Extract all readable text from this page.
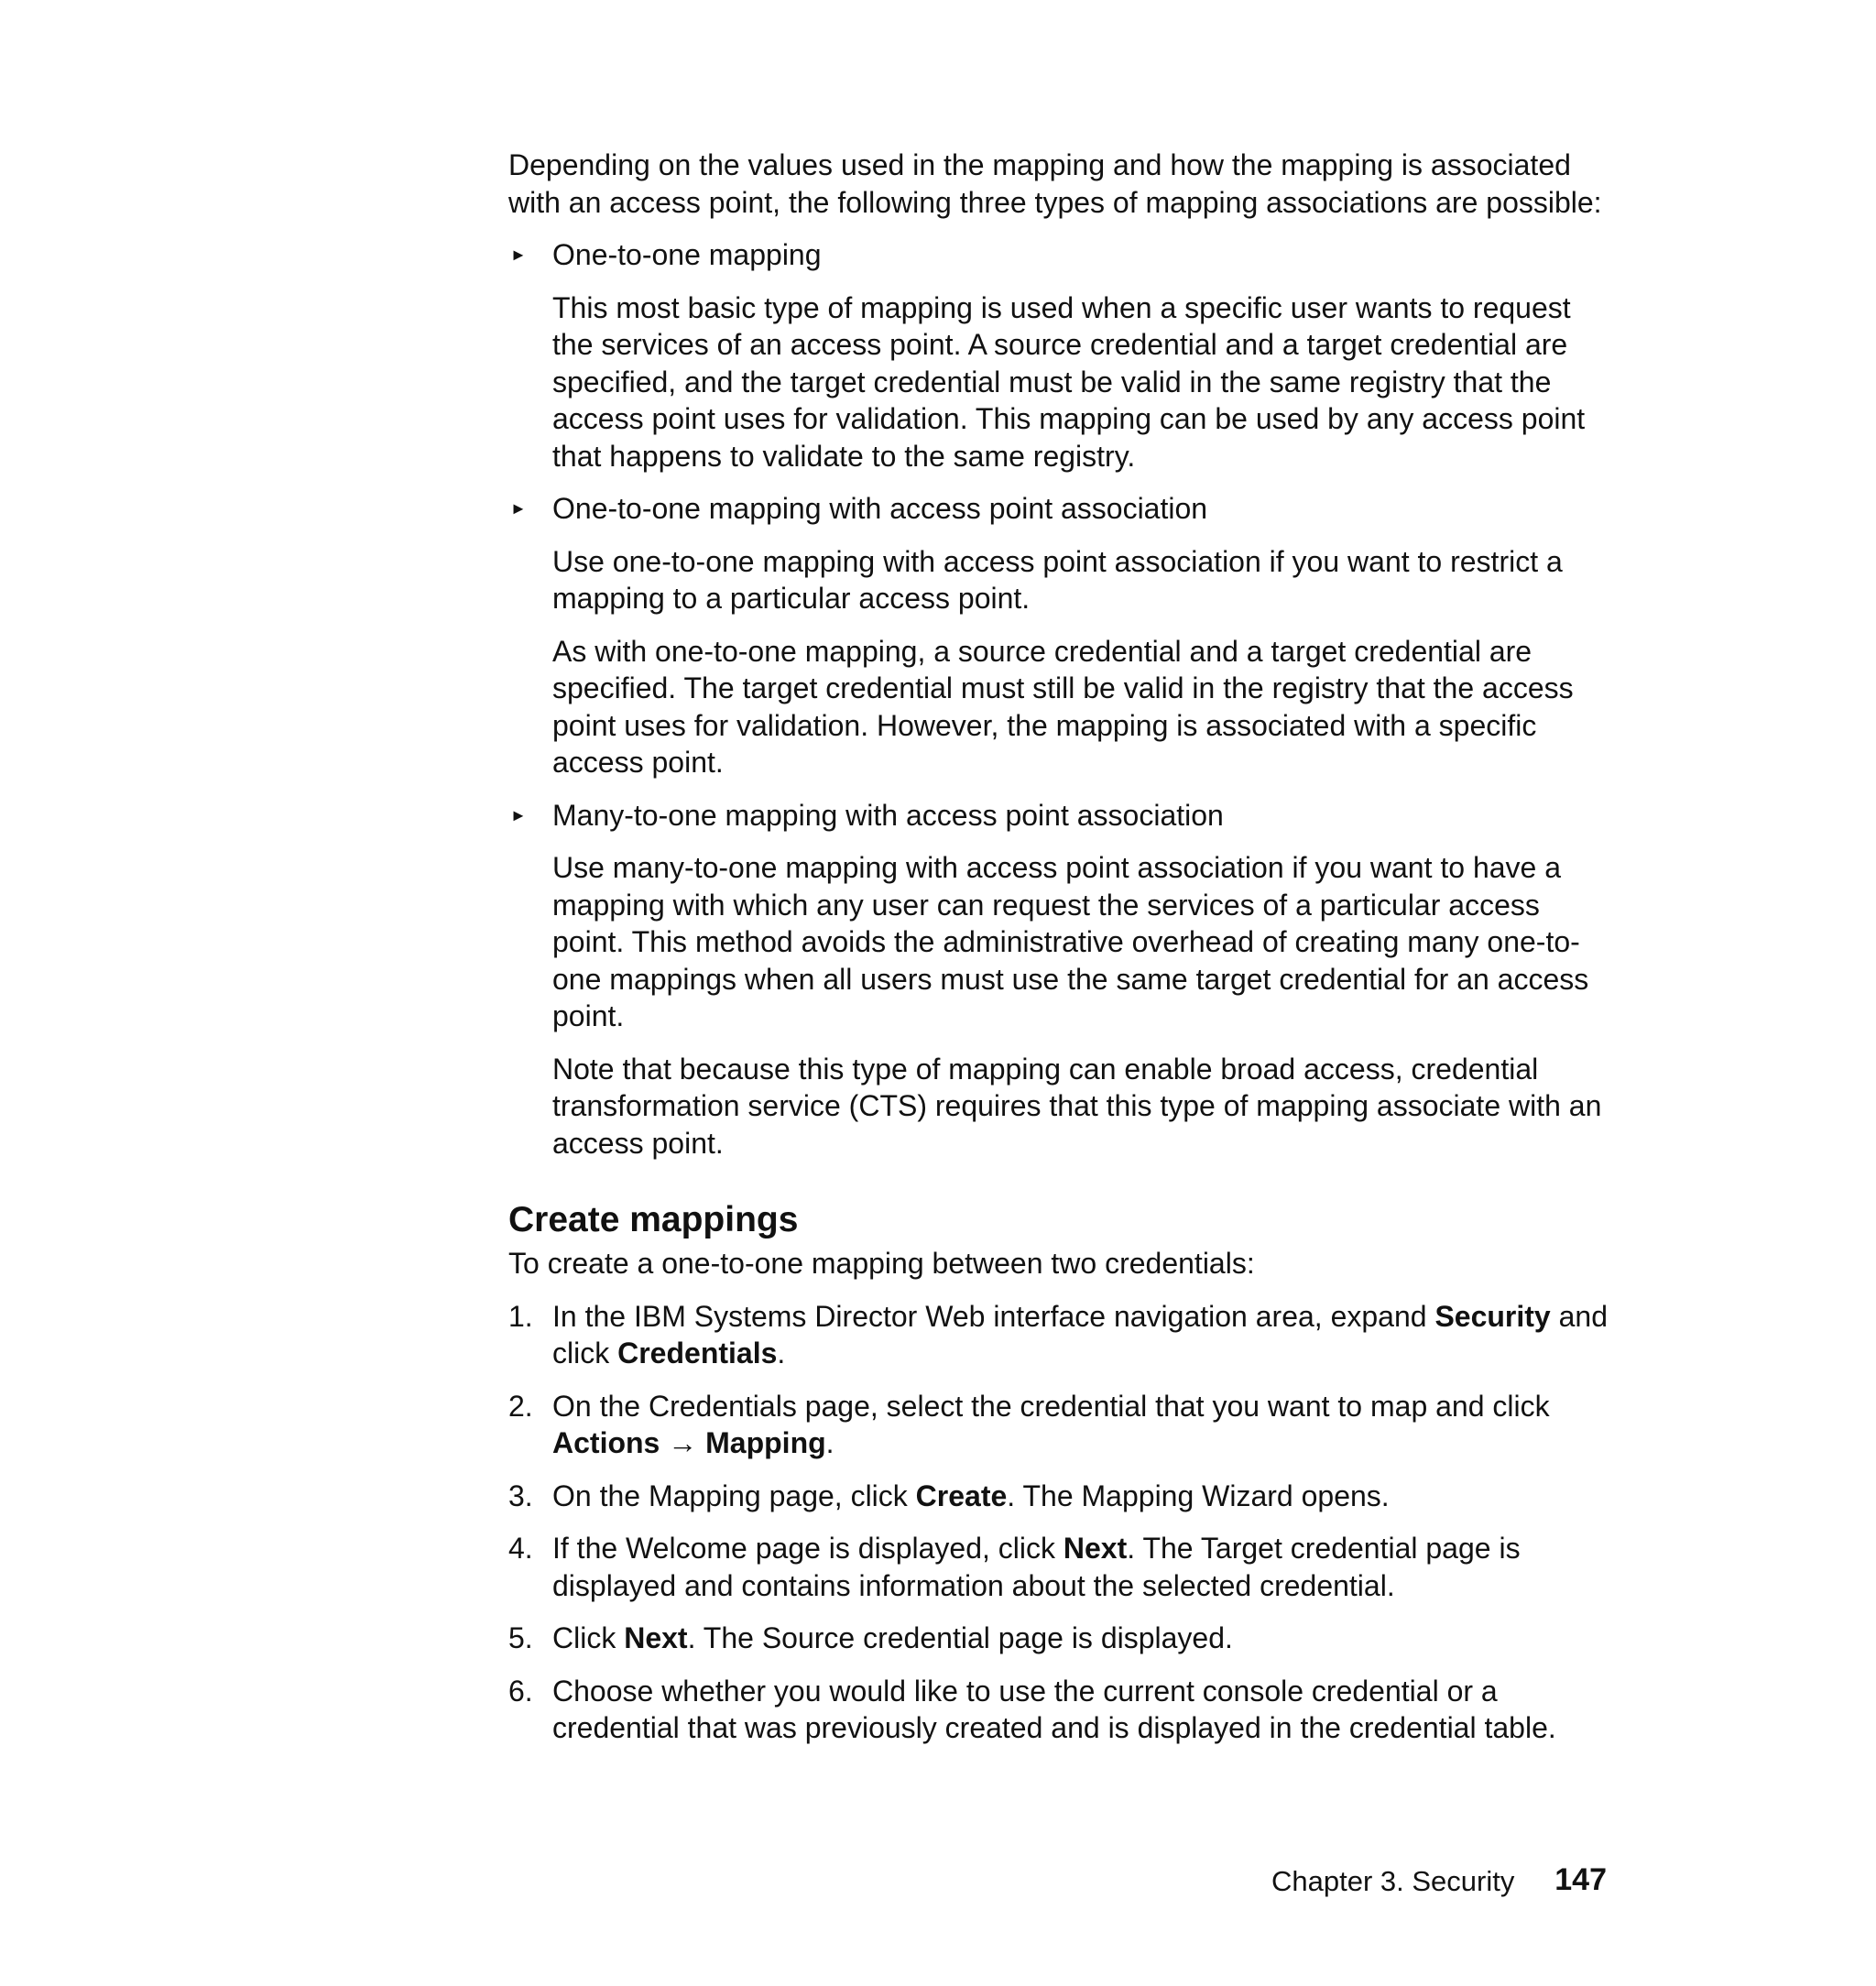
Depending on the values used in the mapping and how the mapping is associated with an access point, the following three types of mapping associations are possible:

► One-to-one mapping

This most basic type of mapping is used when a specific user wants to request the services of an access point. A source credential and a target credential are specified, and the target credential must be valid in the same registry that the access point uses for validation. This mapping can be used by any access point that happens to validate to the same registry.

► One-to-one mapping with access point association

Use one-to-one mapping with access point association if you want to restrict a mapping to a particular access point.

As with one-to-one mapping, a source credential and a target credential are specified. The target credential must still be valid in the registry that the access point uses for validation. However, the mapping is associated with a specific access point.

► Many-to-one mapping with access point association

Use many-to-one mapping with access point association if you want to have a mapping with which any user can request the services of a particular access point. This method avoids the administrative overhead of creating many one-to-one mappings when all users must use the same target credential for an access point.

Note that because this type of mapping can enable broad access, credential transformation service (CTS) requires that this type of mapping associate with an access point.

Create mappings

To create a one-to-one mapping between two credentials:

1. In the IBM Systems Director Web interface navigation area, expand Security and click Credentials.
2. On the Credentials page, select the credential that you want to map and click Actions → Mapping.
3. On the Mapping page, click Create. The Mapping Wizard opens.
4. If the Welcome page is displayed, click Next. The Target credential page is displayed and contains information about the selected credential.
5. Click Next. The Source credential page is displayed.
6. Choose whether you would like to use the current console credential or a credential that was previously created and is displayed in the credential table.
Chapter 3. Security 147
